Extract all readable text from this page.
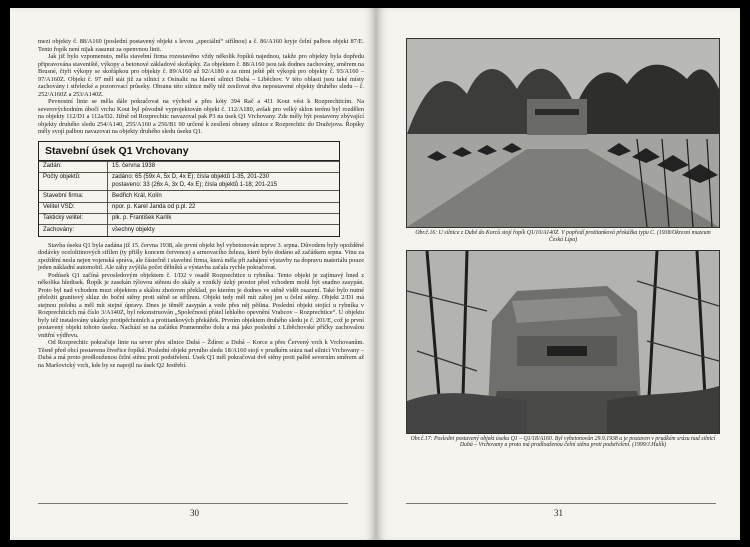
mezi objekty č. 88/A160 (poslední postavený objekt s levou „speciální“ střílnou) a č. 86/A160 kryje čelní palbou objekt 87/E. Tento řopík není nijak zasunut za openvnou linii.

Jak již bylo vzpomenuto, měla stavební firma rozestavěno vždy několik řopíků najednou, takže pro objekty byla dopředu připravována staveniště, výkopy a betonové základové skořápky. Za objektem č. 88/A160 jsou tak dodnes zachovány, směrem na Brusné, čtyři výkopy se skořápkou pro objekty č. 89/A160 až 92/A180 a za nimi ještě pět výkopů pro objekty č. 93/A160 – 97/A160Z. Objekt č. 97 měl stát již za silnicí z Osinalic na hlavní silnici Dubá – Liběchov. V této oblasti jsou také místy zachovány i střelecké a pozorovací průseky. Obranu této silnice měly též zesilovat dva nepostavené objekty druhého sledu – č. 252/A160Z a 253/A140Z.

Pevnostní linie se měla dále pokračovat na východ a přes kóty 394 Rač a 411 Kout vést k Rozprechticím. Na severovýchodním úbočí vrchu Kout byl původně vyprojektován objekt č. 112/A180, avšak pro velký sklon terénu byl rozdělen na objekty 112/D1 a 112a/D2. Jižně od Rozprechtic navazoval pak P3 na úsek Q1 Vrchovany. Zde měly být postaveny zbývající objekty druhého sledu 254/A140, 255/A160 a 256/B1 90 určené k zesílení obrany silnice z Rozprechtic do Dražejova. Řopíky měly svojí palbou navazovat na objekty druhého sledu úseku Q1.

Stavební úsek Q1 Vrchovany
Zadán:	15. června 1938
Počty objektů:	zadáno: 65 (59x A, 5x D, 4x E); čísla objektů 1-35, 201-230
postaveno: 33 (26x A, 3x D, 4x E); čísla objektů 1-18; 201-215
Stavební firma:	Bedřich Král, Kolín
Velitel VSD:	npor. p. Karel Janda od p.pl. 22
Taktický velitel:	plk. p. František Karlík
Zachovány:	všechny objekty

Stavba úseku Q1 byla zadána již 15. června 1938, ale první objekt byl vybetonován teprve 3. srpna. Důvodem byly opožděné dodávky ocelolitinových střílen (ty přišly koncem července) a armovacího železa, které bylo dodáno až začátkem srpna. Vinu za zpoždění nesla nejen vojenská správa, ale částečně i stavební firma, která měla při zahájení výstavby na dopravu materiálu pouze jeden nákladní automobil. Ale záhy zvýšila počet dělníků a výstavba začala rychle pokračovat.

Podúsek Q1 začíná prvosledovým objektem č. 1/D2 v osadě Rozprechtice u rybníka. Tento objekt je zajímavý hned z několika hledisek. Řopík je zasekán týlovou stěnou do skály a vzniklý úzký prostor před vchodem mohl být snadno zasypán. Proto byl nad vchodem mezi objektem a skálou zhotoven překlad, po kterém je dodnes ve stěně vidět osazení. Také bylo nutné přeložit granitový skluz do boční stěny proti stěně se střílnou. Objekt tedy měl mít záhoj jen u čelní stěny. Objekt 2/D1 má stejnou polohu a měl mít stejné úpravy. Dnes je těměř zasypán a vede přes něj pěšina. Poslední objekt stojící u rybníka v Rozprechticích má číslo 3/A140Z, byl rekonstruován „Společností přátel lehkého opevnění Vrabcov – Rozprechtice“. U objektu byly též instalovány ukázky protipěchotních a protitankových překážek. Prvním objektem druhého sledu je č. 201/E, což je první postavený objekt tohoto úseku. Nachází se na začátku Pramenného dolu a má jako poslední z Liběchovské příčky zachovalou vnitřní výdřevu.

Od Rozprechtic pokračuje linie na sever přes silnice Dubá – Ždírec a Dubá – Korce a přes Červený vrch k Vrchovanům. Těsně před obcí postavena čtveřice řopíků. Poslední objekt prvního sledu 18/A160 stojí v prudkém srázu nad silnicí Vrchovany – Dubá a má proto prodlouženou čelní stěnu proti podstřelení. Úsek Q1 měl pokračovat dvě stěny proti palbě severním směrem až na Maršovický vrch, kde by se napojil na úsek Q2 Jestřebí.

30
Obr.č.16: U silnice z Dubé do Korců stojí řopík Q1/10/A140Z. V popředí protitanková překážka typu C. (1938/Okresní muzeum Česká Lípa)
Obr.č.17: Posledni postavený objekt úseku Q1 – Q1/18/A160. Byl vybetonován 29.9.1938 a je postaven v prudkém srázu nad silnicí Dubá – Vrchovany a proto má prodlouženou čelní stěnu proti podstřelení. (1999/J.Hulík)
31
